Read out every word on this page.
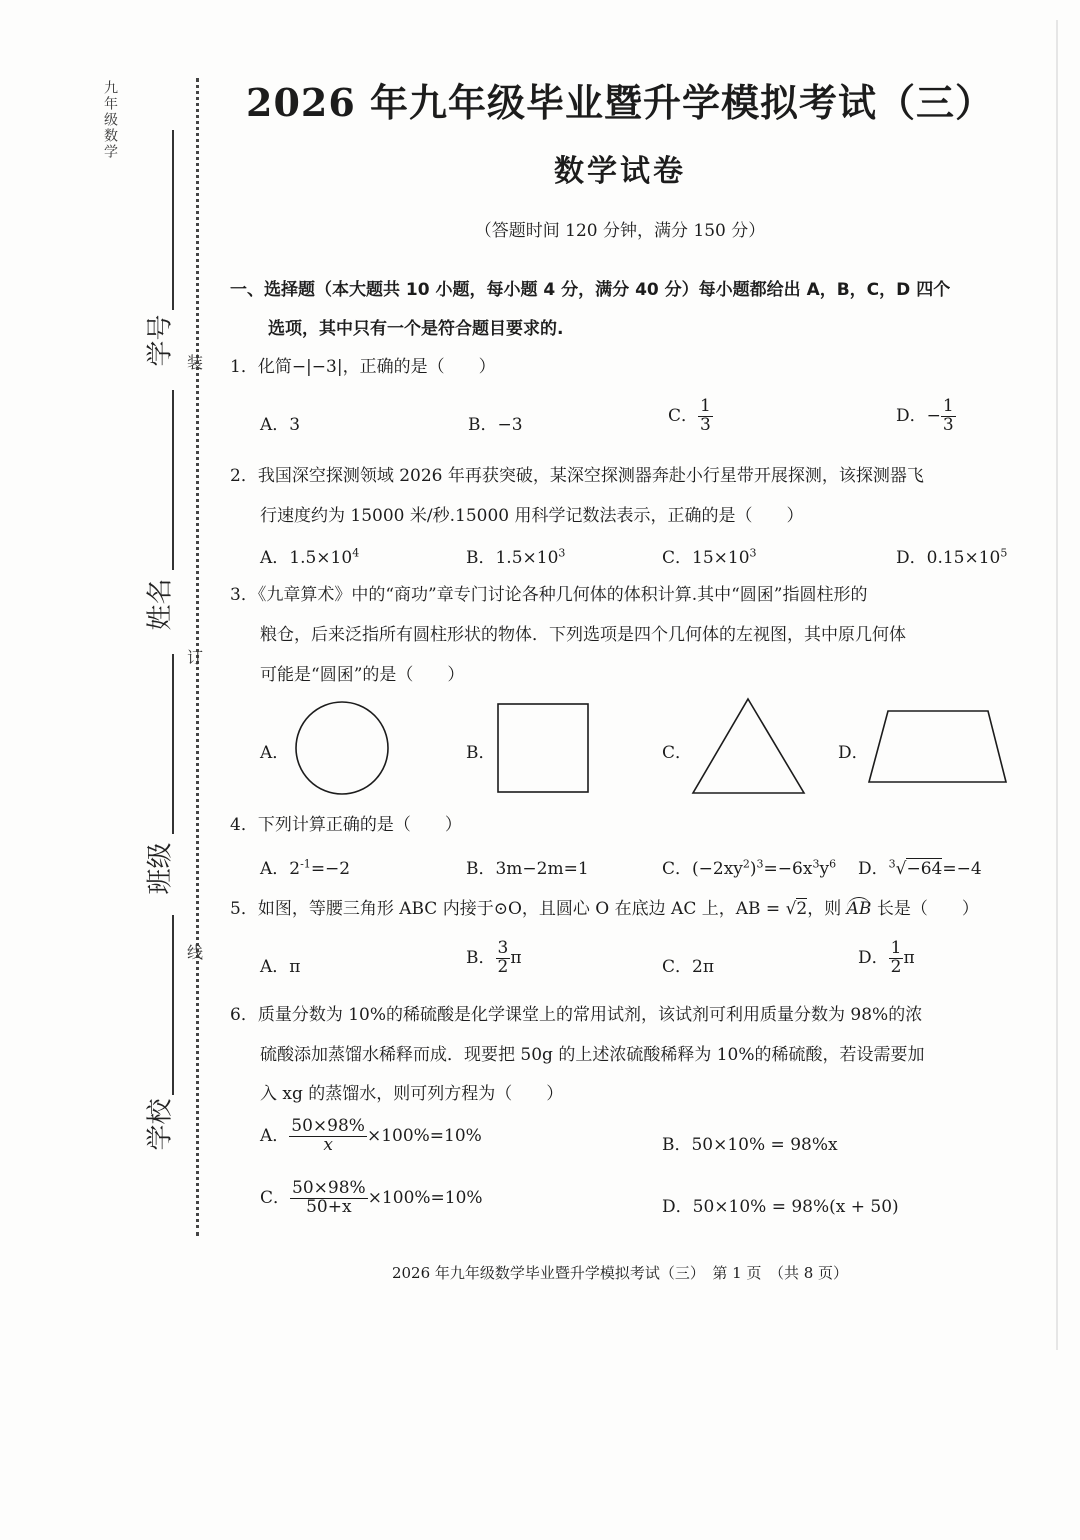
九年级数学
学号
姓名
班级
学校
装
订
线
2026 年九年级毕业暨升学模拟考试（三）
数学试卷
（答题时间 120 分钟，满分 150 分）
一、选择题（本大题共 10 小题，每小题 4 分，满分 40 分）每小题都给出 A，B，C，D 四个
选项，其中只有一个是符合题目要求的.
1．化简−|−3|，正确的是（　　）
A．3	B．−3	C． $\frac{1}{3}$	D．− $\frac{1}{3}$
2．我国深空探测领域 2026 年再获突破，某深空探测器奔赴小行星带开展探测，该探测器飞
行速度约为 15000 米/秒.15000 用科学记数法表示，正确的是（　　）
A．$1.5\times 10^4$	B．$1.5\times 10^3$	C．$15\times 10^3$	D．$0.15\times 10^5$
3．《九章算术》中的“商功”章专门讨论各种几何体的体积计算.其中“圆囷”指圆柱形的
粮仓，后来泛指所有圆柱形状的物体．下列选项是四个几何体的左视图，其中原几何体
可能是“圆囷”的是（　　）
A．	B．	C．	D．
4．下列计算正确的是（　　）
A．$2^{-1}=-2$	B．3m−2m=1	C．$(-2xy^2)^3=-6x^3y^6$ D．$^3$√−64=−4
5．如图，等腰三角形 ABC 内接于⊙O，且圆心 O 在底边 AC 上，AB = √2，则 AB 长是（　　）
A．π	B． $\frac{3}{2}$ π	C．2π	D． $\frac{1}{2}$ π
6．质量分数为 10%的稀硫酸是化学课堂上的常用试剂，该试剂可利用质量分数为 98%的浓
硫酸添加蒸馏水稀释而成．现要把 50g 的上述浓硫酸稀释为 10%的稀硫酸，若设需要加
入 xg 的蒸馏水，则可列方程为（　　）
A． $\frac{50\times 98\%}{x} \times 100\%=10\%$	B．50×10% = 98%x
C． $\frac{50\times 98\%}{50+x} \times 100\%=10\%$	D．50×10% = 98%(x + 50)
2026 年九年级数学毕业暨升学模拟考试（三）　第 1 页　（共 8 页）
